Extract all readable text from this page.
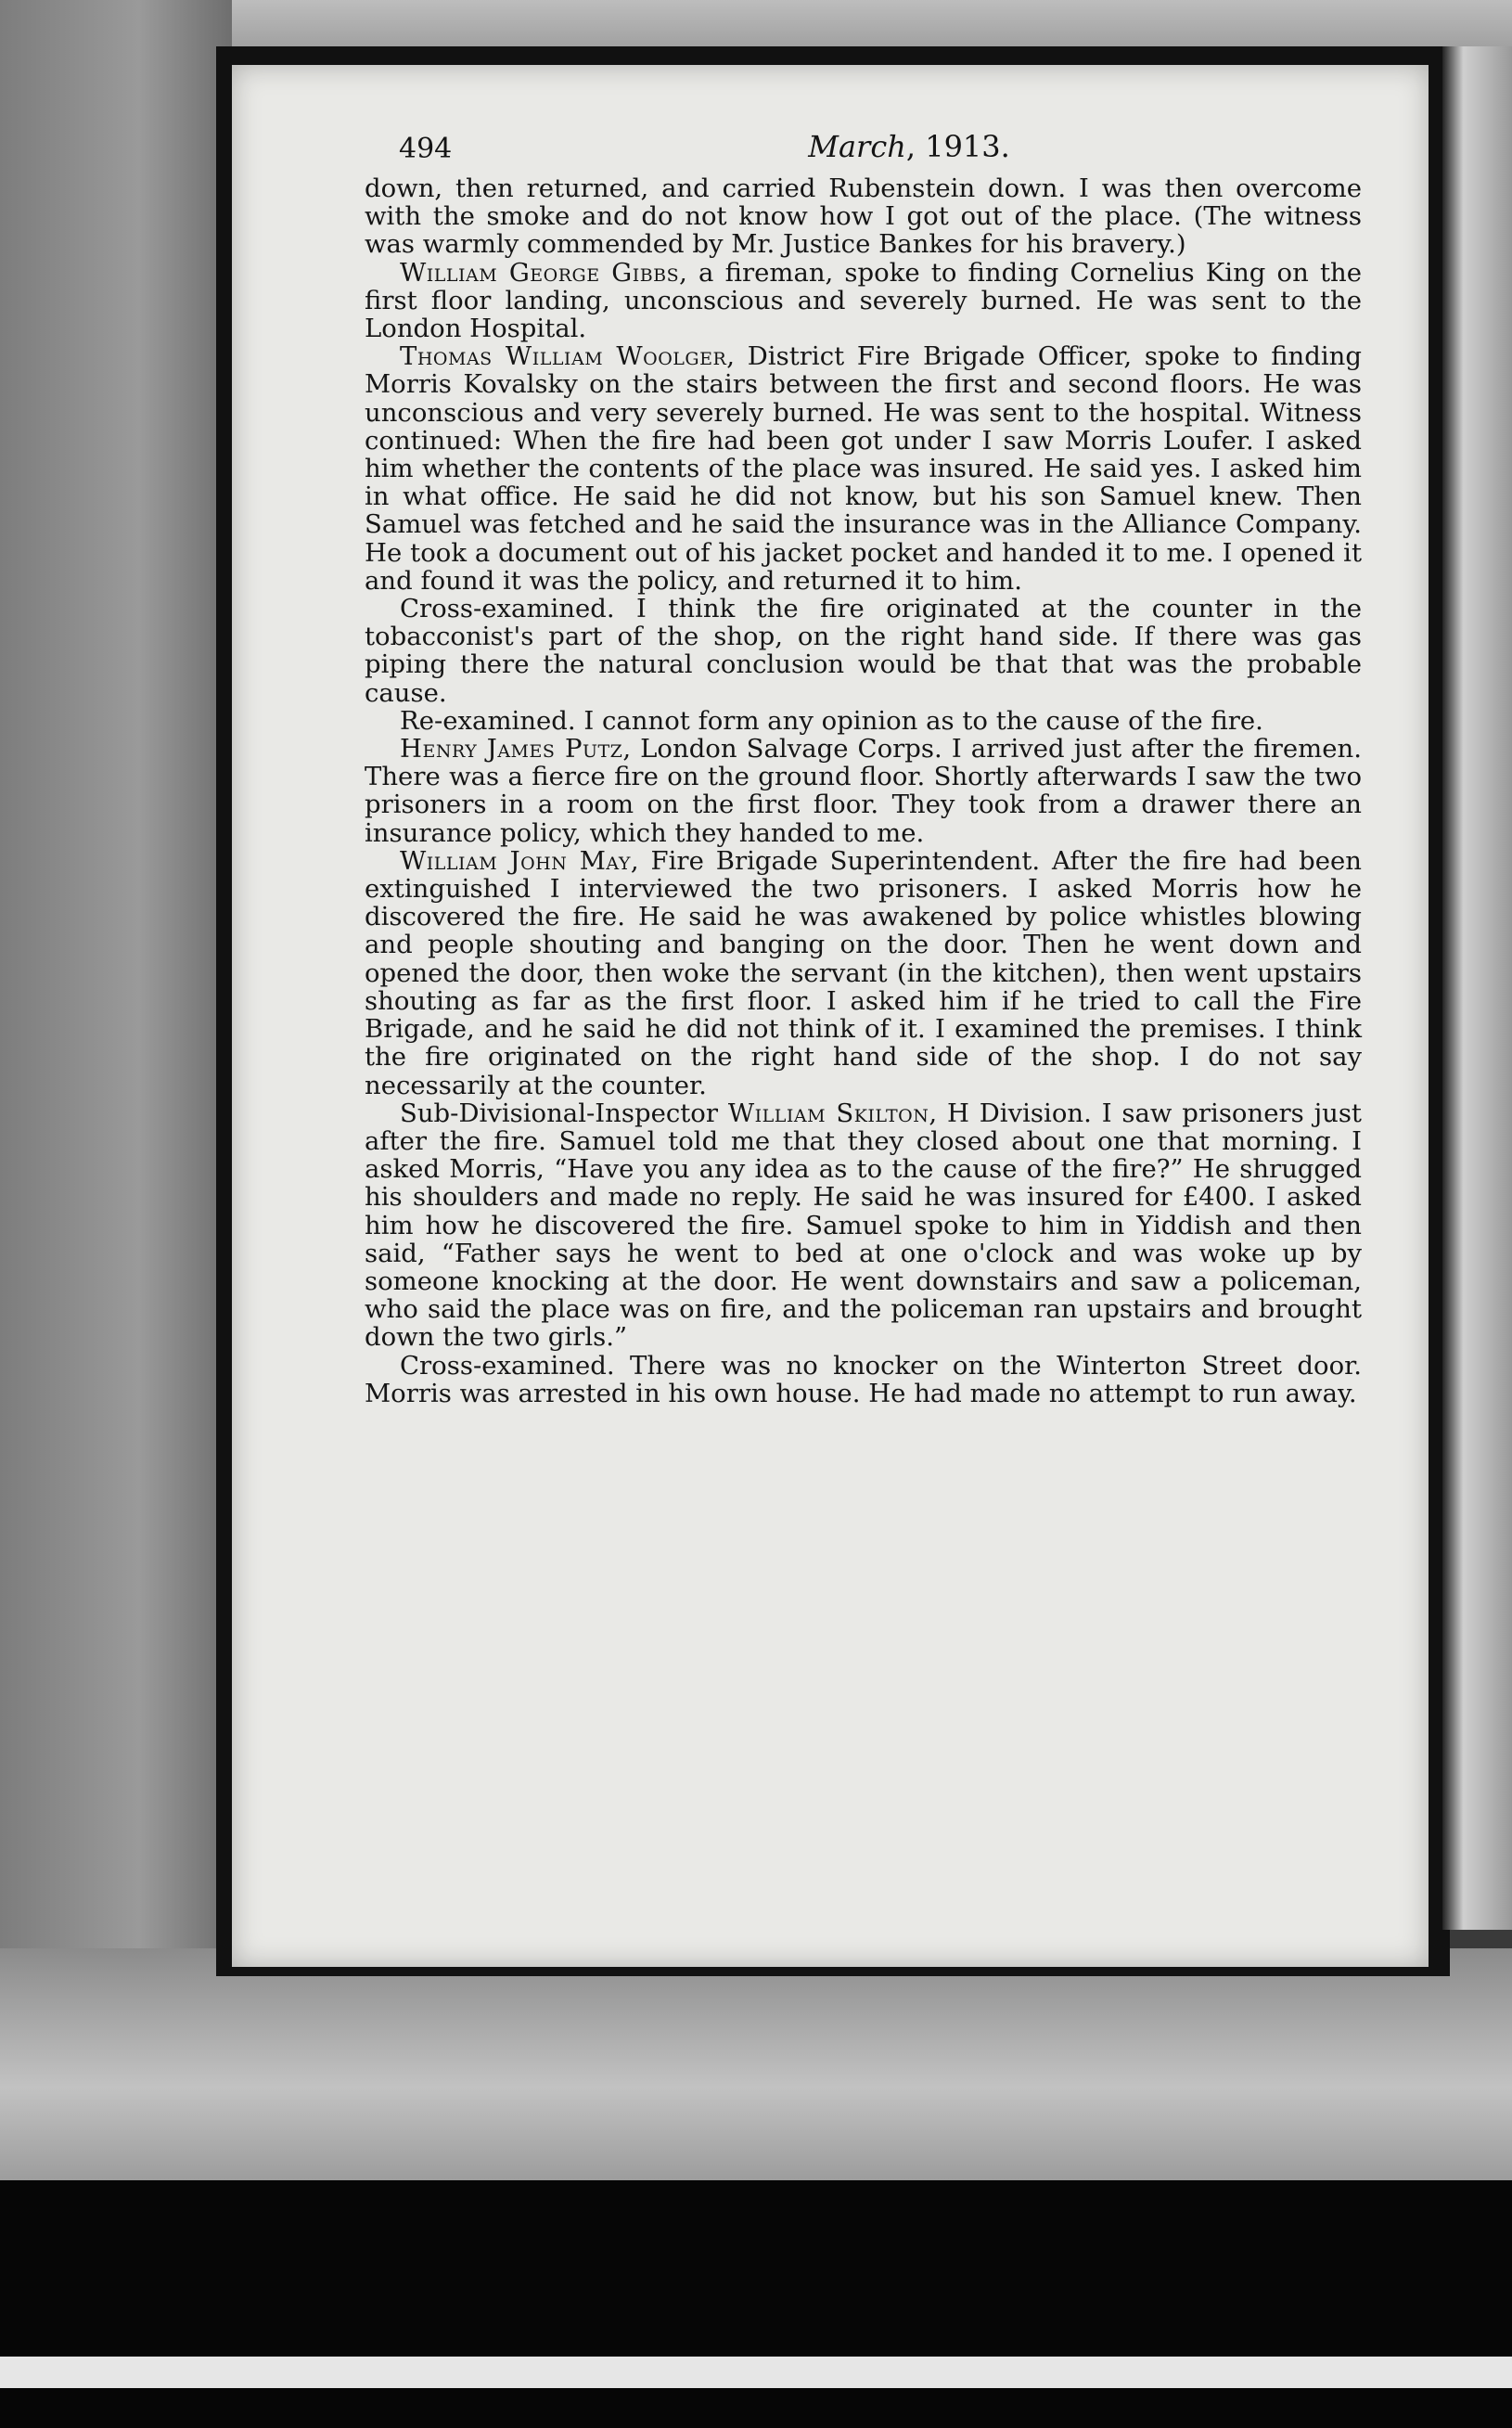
494	March, 1913.

down, then returned, and carried Rubenstein down. I was then overcome with the smoke and do not know how I got out of the place. (The witness was warmly commended by Mr. Justice Bankes for his bravery.)

William George Gibbs, a fireman, spoke to finding Cornelius King on the first floor landing, unconscious and severely burned. He was sent to the London Hospital.

Thomas William Woolger, District Fire Brigade Officer, spoke to finding Morris Kovalsky on the stairs between the first and second floors. He was unconscious and very severely burned. He was sent to the hospital. Witness continued: When the fire had been got under I saw Morris Loufer. I asked him whether the contents of the place was insured. He said yes. I asked him in what office. He said he did not know, but his son Samuel knew. Then Samuel was fetched and he said the insurance was in the Alliance Company. He took a document out of his jacket pocket and handed it to me. I opened it and found it was the policy, and returned it to him.

Cross-examined. I think the fire originated at the counter in the tobacconist's part of the shop, on the right hand side. If there was gas piping there the natural conclusion would be that that was the probable cause.

Re-examined. I cannot form any opinion as to the cause of the fire.

Henry James Putz, London Salvage Corps. I arrived just after the firemen. There was a fierce fire on the ground floor. Shortly afterwards I saw the two prisoners in a room on the first floor. They took from a drawer there an insurance policy, which they handed to me.

William John May, Fire Brigade Superintendent. After the fire had been extinguished I interviewed the two prisoners. I asked Morris how he discovered the fire. He said he was awakened by police whistles blowing and people shouting and banging on the door. Then he went down and opened the door, then woke the servant (in the kitchen), then went upstairs shouting as far as the first floor. I asked him if he tried to call the Fire Brigade, and he said he did not think of it. I examined the premises. I think the fire originated on the right hand side of the shop. I do not say necessarily at the counter.

Sub-Divisional-Inspector William Skilton, H Division. I saw prisoners just after the fire. Samuel told me that they closed about one that morning. I asked Morris, “Have you any idea as to the cause of the fire?” He shrugged his shoulders and made no reply. He said he was insured for £400. I asked him how he discovered the fire. Samuel spoke to him in Yiddish and then said, “Father says he went to bed at one o'clock and was woke up by someone knocking at the door. He went downstairs and saw a policeman, who said the place was on fire, and the policeman ran upstairs and brought down the two girls.”

Cross-examined. There was no knocker on the Winterton Street door. Morris was arrested in his own house. He had made no attempt to run away.
